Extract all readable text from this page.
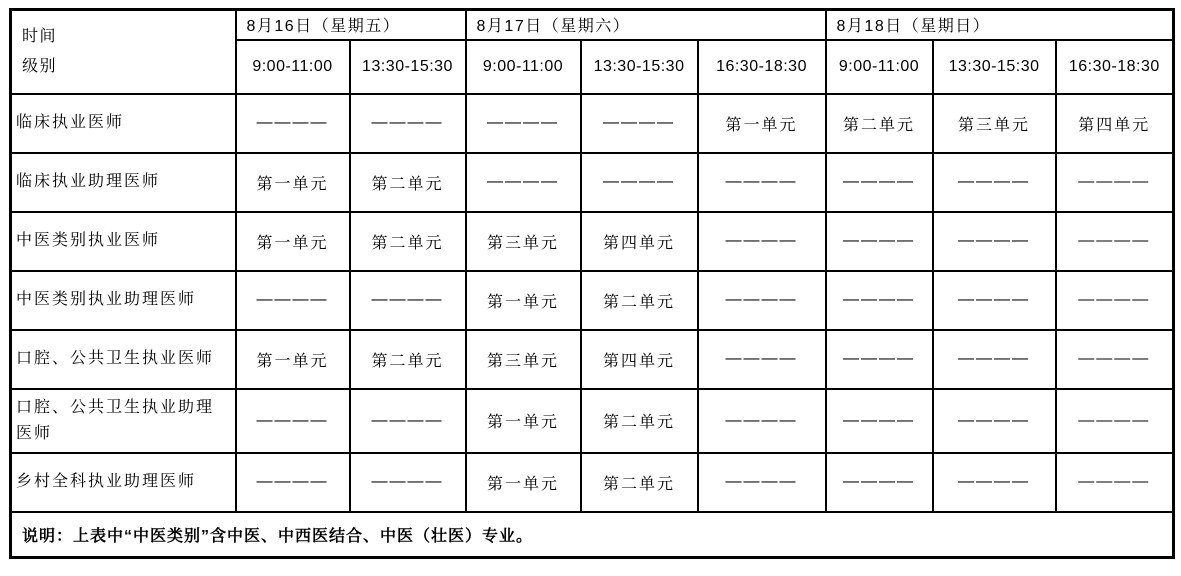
时间
级别	8月16日（星期五）		8月17日（星期六）			8月18日（星期日）		
	9:00-11:00	13:30-15:30	9:00-11:00	13:30-15:30	16:30-18:30	9:00-11:00	13:30-15:30	16:30-18:30
临床执业医师	————	————	————	————	第一单元	第二单元	第三单元	第四单元
临床执业助理医师	第一单元	第二单元	————	————	————	————	————	————
中医类别执业医师	第一单元	第二单元	第三单元	第四单元	————	————	————	————
中医类别执业助理医师	————	————	第一单元	第二单元	————	————	————	————
口腔、公共卫生执业医师	第一单元	第二单元	第三单元	第四单元	————	————	————	————
口腔、公共卫生执业助理医师	————	————	第一单元	第二单元	————	————	————	————
乡村全科执业助理医师	————	————	第一单元	第二单元	————	————	————	————
说明：上表中“中医类别”含中医、中西医结合、中医（壮医）专业。								
